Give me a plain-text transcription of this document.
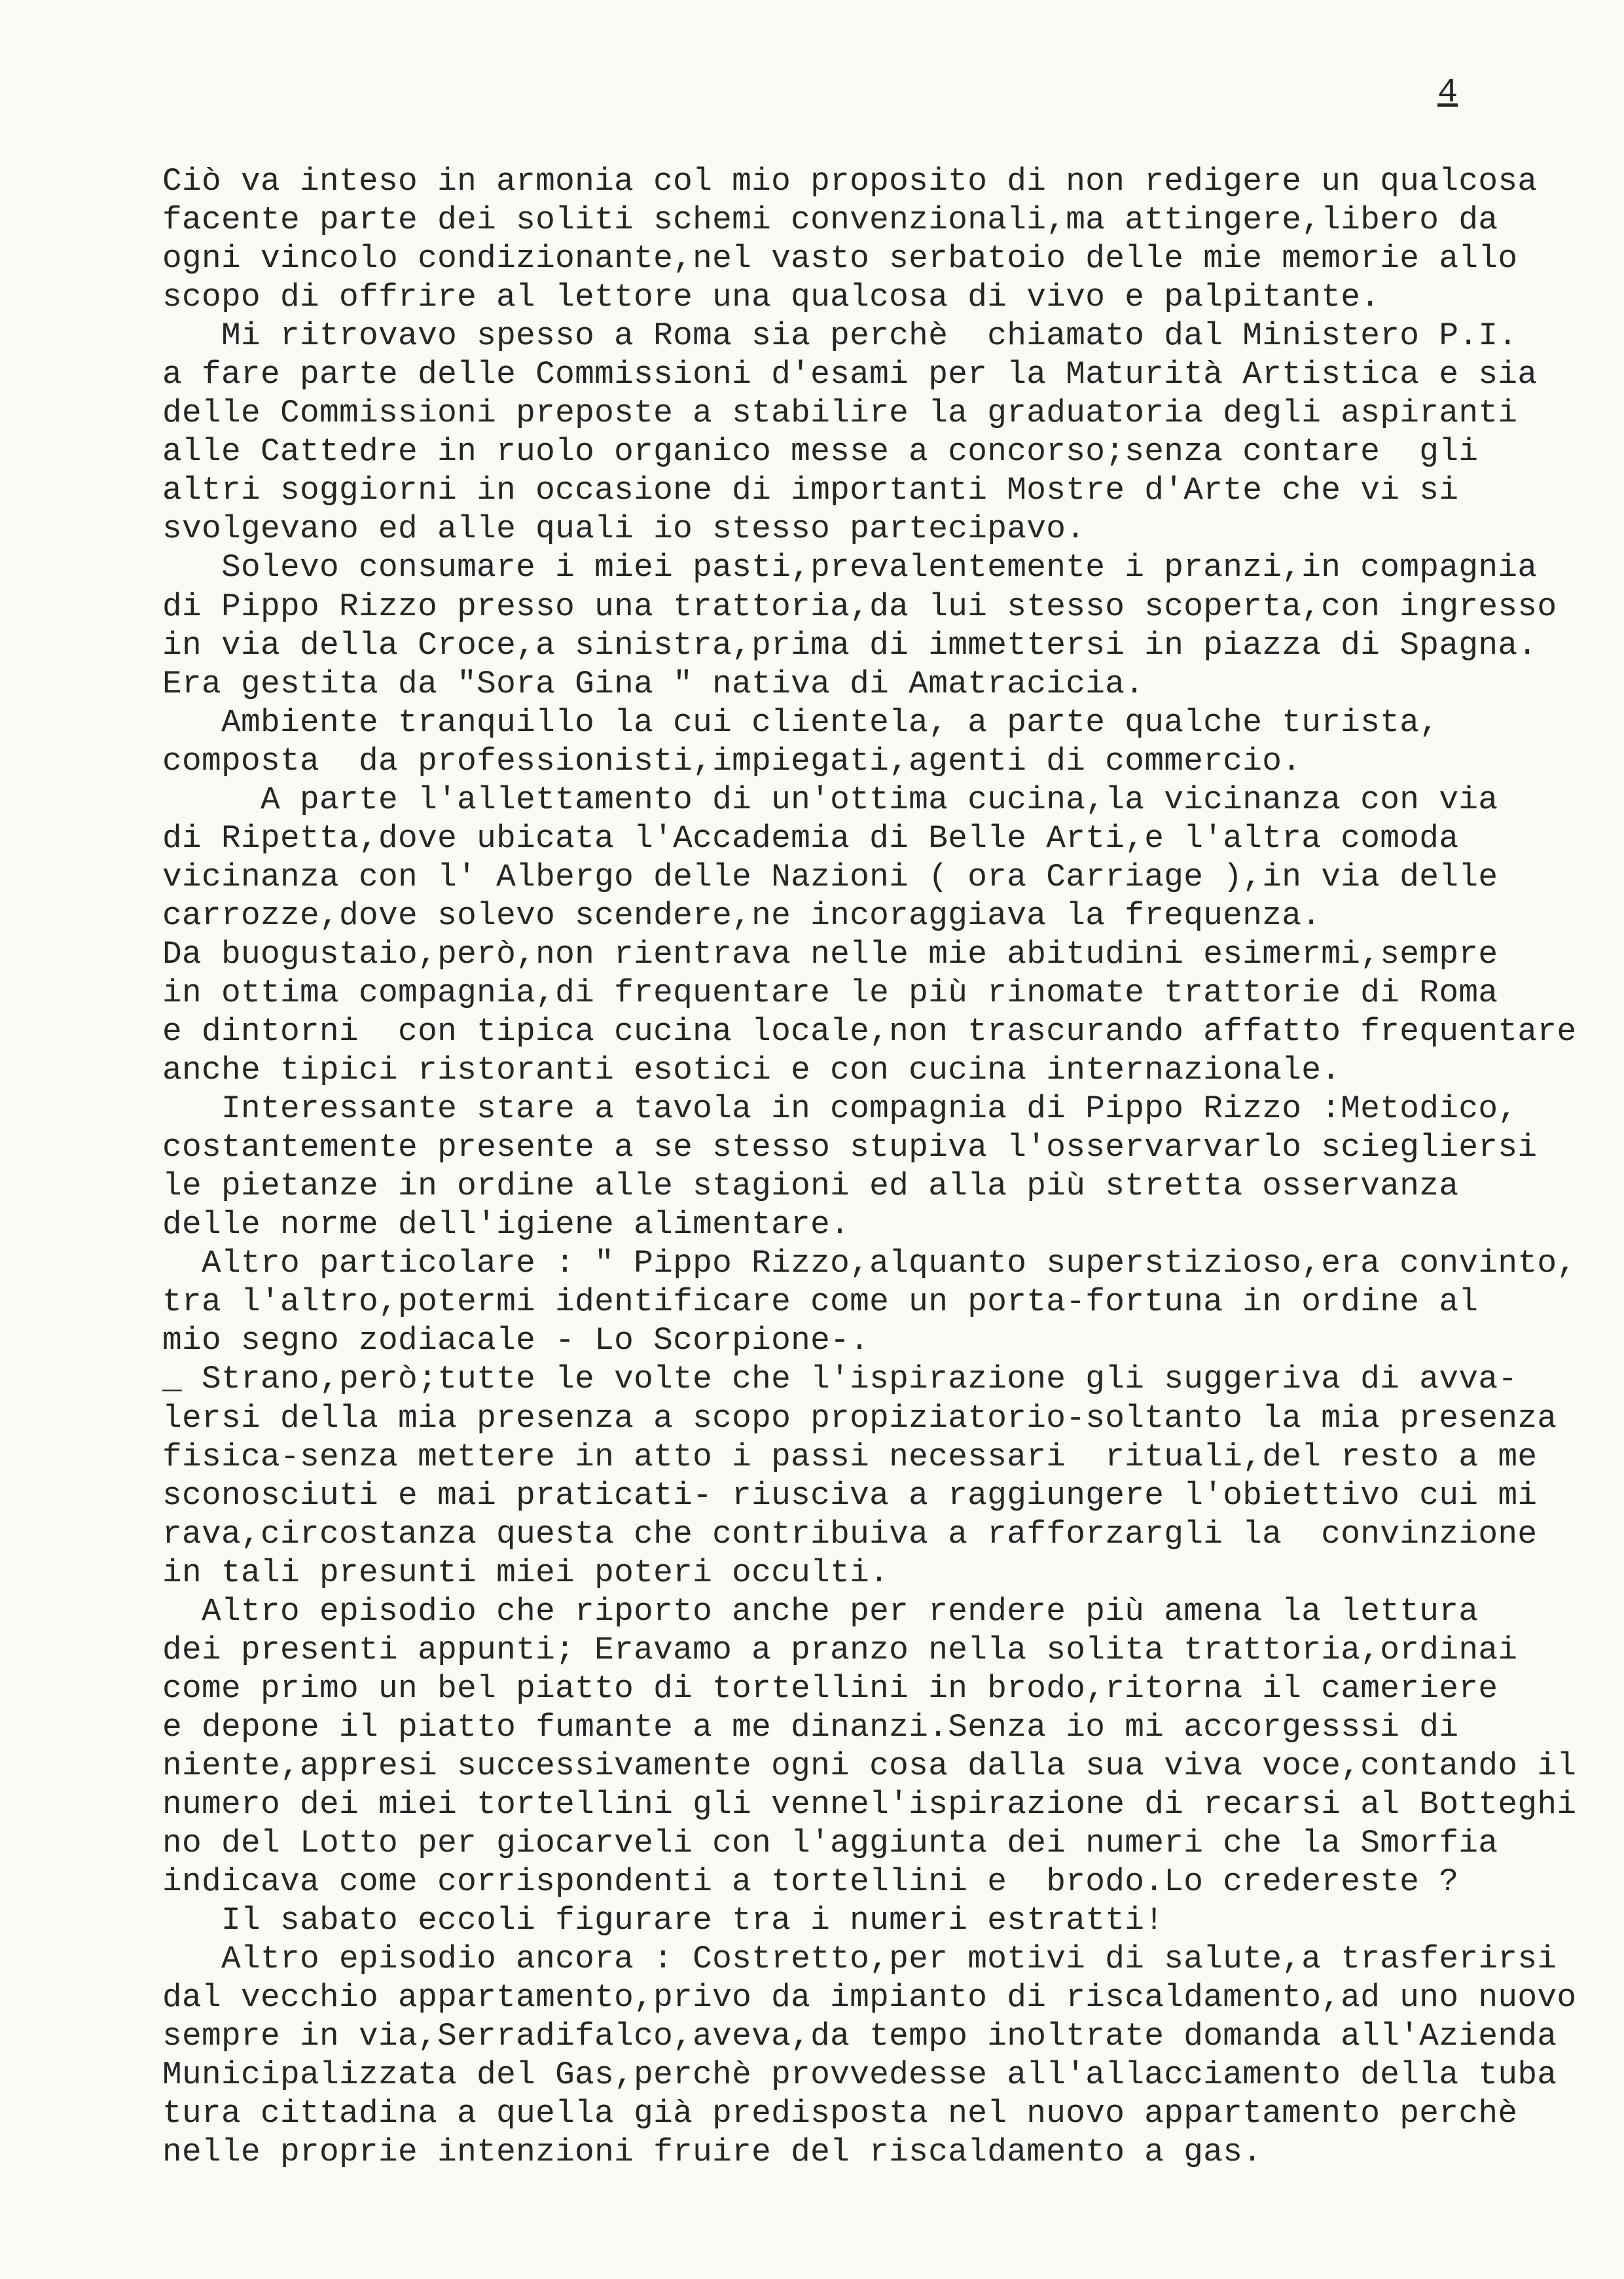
4
Ciò va inteso in armonia col mio proposito di non redigere un qualcosa
facente parte dei soliti schemi convenzionali,ma attingere,libero da
ogni vincolo condizionante,nel vasto serbatoio delle mie memorie allo
scopo di offrire al lettore una qualcosa di vivo e palpitante.
Mi ritrovavo spesso a Roma sia perchè  chiamato dal Ministero P.I.
a fare parte delle Commissioni d'esami per la Maturità Artistica e sia
delle Commissioni preposte a stabilire la graduatoria degli aspiranti
alle Cattedre in ruolo organico messe a concorso;senza contare  gli
altri soggiorni in occasione di importanti Mostre d'Arte che vi si
svolgevano ed alle quali io stesso partecipavo.
Solevo consumare i miei pasti,prevalentemente i pranzi,in compagnia
di Pippo Rizzo presso una trattoria,da lui stesso scoperta,con ingresso
in via della Croce,a sinistra,prima di immettersi in piazza di Spagna.
Era gestita da "Sora Gina " nativa di Amatracicia.
Ambiente tranquillo la cui clientela, a parte qualche turista,
composta  da professionisti,impiegati,agenti di commercio.
A parte l'allettamento di un'ottima cucina,la vicinanza con via
di Ripetta,dove ubicata l'Accademia di Belle Arti,e l'altra comoda
vicinanza con l' Albergo delle Nazioni ( ora Carriage ),in via delle
carrozze,dove solevo scendere,ne incoraggiava la frequenza.
Da buogustaio,però,non rientrava nelle mie abitudini esimermi,sempre
in ottima compagnia,di frequentare le più rinomate trattorie di Roma
e dintorni  con tipica cucina locale,non trascurando affatto frequentare
anche tipici ristoranti esotici e con cucina internazionale.
Interessante stare a tavola in compagnia di Pippo Rizzo :Metodico,
costantemente presente a se stesso stupiva l'osservarvarlo sciegliersi
le pietanze in ordine alle stagioni ed alla più stretta osservanza
delle norme dell'igiene alimentare.
Altro particolare : " Pippo Rizzo,alquanto superstizioso,era convinto,
tra l'altro,potermi identificare come un porta-fortuna in ordine al
mio segno zodiacale - Lo Scorpione-.
_ Strano,però;tutte le volte che l'ispirazione gli suggeriva di avva-
lersi della mia presenza a scopo propiziatorio-soltanto la mia presenza
fisica-senza mettere in atto i passi necessari  rituali,del resto a me
sconosciuti e mai praticati- riusciva a raggiungere l'obiettivo cui mi
rava,circostanza questa che contribuiva a rafforzargli la  convinzione
in tali presunti miei poteri occulti.
Altro episodio che riporto anche per rendere più amena la lettura
dei presenti appunti; Eravamo a pranzo nella solita trattoria,ordinai
come primo un bel piatto di tortellini in brodo,ritorna il cameriere
e depone il piatto fumante a me dinanzi.Senza io mi accorgesssi di
niente,appresi successivamente ogni cosa dalla sua viva voce,contando il
numero dei miei tortellini gli vennel'ispirazione di recarsi al Botteghi
no del Lotto per giocarveli con l'aggiunta dei numeri che la Smorfia
indicava come corrispondenti a tortellini e  brodo.Lo credereste ?
Il sabato eccoli figurare tra i numeri estratti!
Altro episodio ancora : Costretto,per motivi di salute,a trasferirsi
dal vecchio appartamento,privo da impianto di riscaldamento,ad uno nuovo
sempre in via,Serradifalco,aveva,da tempo inoltrate domanda all'Azienda
Municipalizzata del Gas,perchè provvedesse all'allacciamento della tuba
tura cittadina a quella già predisposta nel nuovo appartamento perchè
nelle proprie intenzioni fruire del riscaldamento a gas.
